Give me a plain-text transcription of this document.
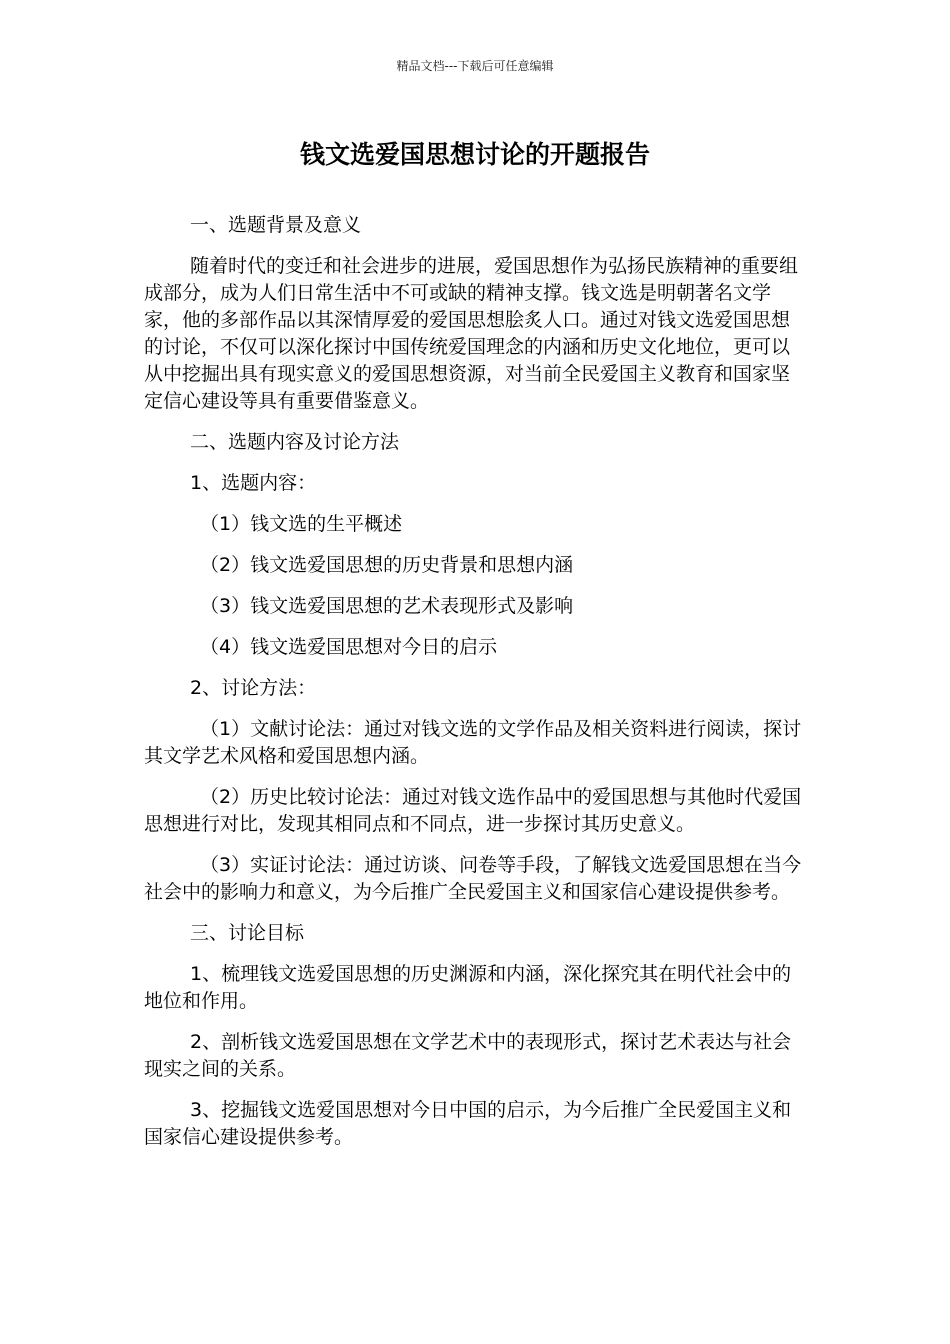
精品文档---下载后可任意编辑
钱文选爱国思想讨论的开题报告

一、选题背景及意义

随着时代的变迁和社会进步的进展，爱国思想作为弘扬民族精神的重要组成部分，成为人们日常生活中不可或缺的精神支撑。钱文选是明朝著名文学家，他的多部作品以其深情厚爱的爱国思想脍炙人口。通过对钱文选爱国思想的讨论，不仅可以深化探讨中国传统爱国理念的内涵和历史文化地位，更可以从中挖掘出具有现实意义的爱国思想资源，对当前全民爱国主义教育和国家坚定信心建设等具有重要借鉴意义。

二、选题内容及讨论方法

1、选题内容：

（1）钱文选的生平概述

（2）钱文选爱国思想的历史背景和思想内涵

（3）钱文选爱国思想的艺术表现形式及影响

（4）钱文选爱国思想对今日的启示

2、讨论方法：

（1）文献讨论法：通过对钱文选的文学作品及相关资料进行阅读，探讨其文学艺术风格和爱国思想内涵。

（2）历史比较讨论法：通过对钱文选作品中的爱国思想与其他时代爱国思想进行对比，发现其相同点和不同点，进一步探讨其历史意义。

（3）实证讨论法：通过访谈、问卷等手段，了解钱文选爱国思想在当今社会中的影响力和意义，为今后推广全民爱国主义和国家信心建设提供参考。

三、讨论目标

1、梳理钱文选爱国思想的历史渊源和内涵，深化探究其在明代社会中的地位和作用。

2、剖析钱文选爱国思想在文学艺术中的表现形式，探讨艺术表达与社会现实之间的关系。

3、挖掘钱文选爱国思想对今日中国的启示，为今后推广全民爱国主义和国家信心建设提供参考。
